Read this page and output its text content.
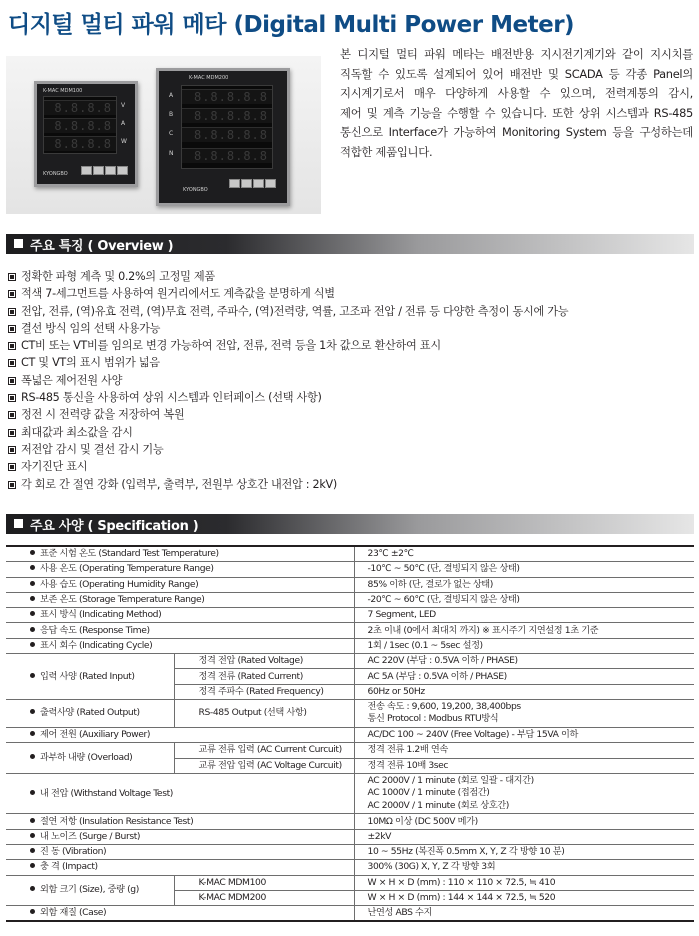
디지털 멀티 파워 메타 (Digital Multi Power Meter)
K-MAC MDM100
8.8.8.8
8.8.8.8
8.8.8.8
V
A
W
KYONGBO
K-MAC MDM200
8.8.8.8.8
8.8.8.8.8
8.8.8.8.8
8.8.8.8.8
A
B
C
N
KYONGBO
본 디지털 멀티 파워 메타는 배전반용 지시전기계기와 같이 지시치를
직독할 수 있도록 설계되어 있어 배전반 및 SCADA 등 각종 Panel의
지시계기로서 매우 다양하게 사용할 수 있으며, 전력계통의 감시,
제어 및 계측 기능을 수행할 수 있습니다. 또한 상위 시스템과 RS-485
통신으로 Interface가 가능하여 Monitoring System 등을 구성하는데
적합한 제품입니다.
주요 특징 ( Overview )
정확한 파형 계측 및 0.2%의 고정밀 제품
적색 7-세그먼트를 사용하여 원거리에서도 계측값을 분명하게 식별
전압, 전류, (역)유효 전력, (역)무효 전력, 주파수, (역)전력량, 역률, 고조파 전압 / 전류 등 다양한 측정이 동시에 가능
결선 방식 임의 선택 사용가능
CT비 또는 VT비를 임의로 변경 가능하여 전압, 전류, 전력 등을 1차 값으로 환산하여 표시
CT 및 VT의 표시 범위가 넓음
폭넓은 제어전원 사양
RS-485 통신을 사용하여 상위 시스템과 인터페이스 (선택 사항)
정전 시 전력량 값을 저장하여 복원
최대값과 최소값을 감시
저전압 감시 및 결선 감시 기능
자기진단 표시
각 회로 간 절연 강화 (입력부, 출력부, 전원부 상호간 내전압 : 2kV)
주요 사양 ( Specification )
표준 시험 온도 (Standard Test Temperature)		23℃ ±2℃
사용 온도 (Operating Temperature Range)		-10℃ ~ 50℃ (단, 결빙되지 않은 상태)
사용 습도 (Operating Humidity Range)		85% 이하 (단, 결로가 없는 상태)
보존 온도 (Storage Temperature Range)		-20℃ ~ 60℃ (단, 결빙되지 않은 상태)
표시 방식 (Indicating Method)		7 Segment, LED
응답 속도 (Response Time)		2초 이내 (0에서 최대치 까지) ※ 표시주기 지연설정 1초 기준
표시 회수 (Indicating Cycle)		1회 / 1sec (0.1 ~ 5sec 설정)
입력 사양 (Rated Input)	정격 전압 (Rated Voltage)	AC 220V (부담 : 0.5VA 이하 / PHASE)
	정격 전류 (Rated Current)	AC 5A (부담 : 0.5VA 이하 / PHASE)
	정격 주파수 (Rated Frequency)	60Hz or 50Hz
출력사양 (Rated Output)	RS-485 Output (선택 사항)	전송 속도 : 9,600, 19,200, 38,400bps
통신 Protocol : Modbus RTU방식

제어 전원 (Auxiliary Power)		AC/DC 100 ~ 240V (Free Voltage) - 부담 15VA 이하
과부하 내량 (Overload)	교류 전류 입력 (AC Current Curcuit)	정격 전류 1.2배 연속
	교류 전압 입력 (AC Voltage Curcuit)	정격 전류 10배 3sec
내 전압 (Withstand Voltage Test)		AC 2000V / 1 minute (회로 일괄 - 대지간)
AC 1000V / 1 minute (접점간)
AC 2000V / 1 minute (회로 상호간)

절연 저항 (Insulation Resistance Test)		10MΩ 이상 (DC 500V 메가)
내 노이즈 (Surge / Burst)		±2kV
진 동 (Vibration)		10 ~ 55Hz (복진폭 0.5mm X, Y, Z 각 방향 10 분)
충 격 (Impact)		300% (30G) X, Y, Z 각 방향 3회
외함 크기 (Size), 중량 (g)	K-MAC MDM100	W × H × D (mm) : 110 × 110 × 72.5, ≒ 410
	K-MAC MDM200	W × H × D (mm) : 144 × 144 × 72.5, ≒ 520
외함 재질 (Case)		난연성 ABS 수지
